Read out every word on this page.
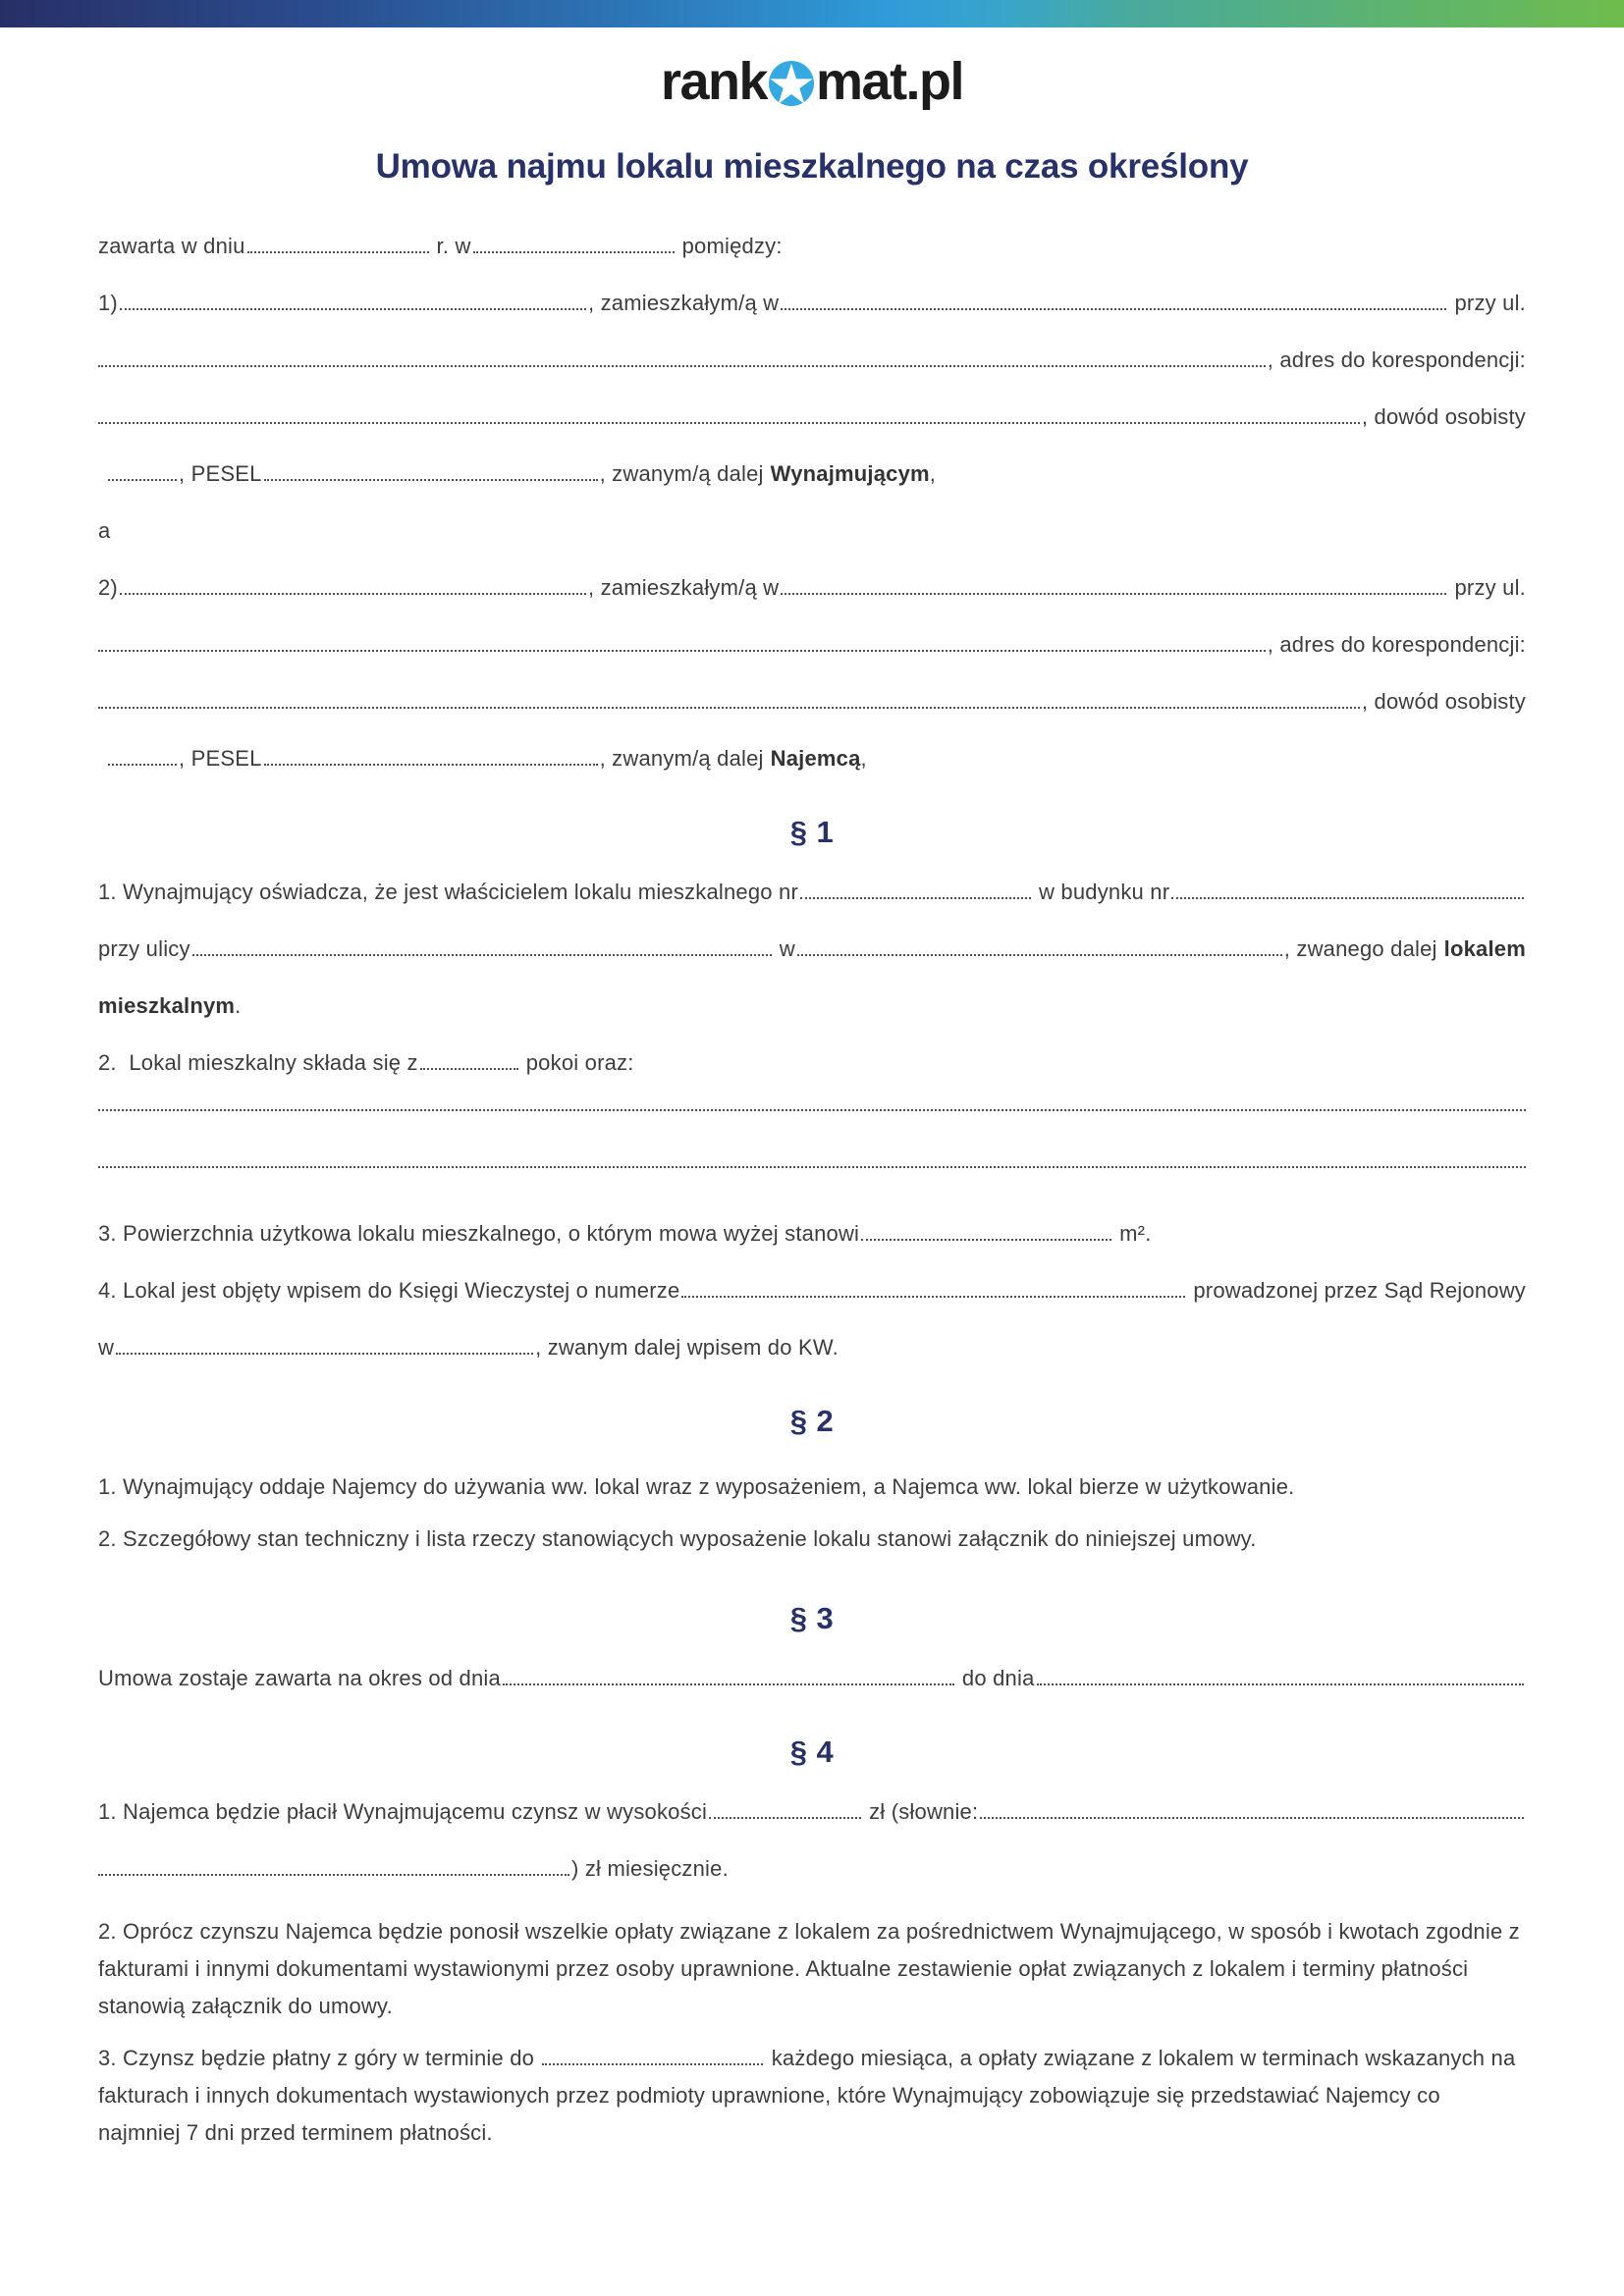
rank mat.pl
Umowa najmu lokalu mieszkalnego na czas określony
zawarta w dniu	r. w	pomiędzy:
1)	, zamieszkałym/ą w	przy ul.
, adres do korespondencji:
, dowód osobisty
, PESEL	, zwanym/ą dalej Wynajmującym ,
a
2)	, zamieszkałym/ą w	przy ul.
, adres do korespondencji:
, dowód osobisty
, PESEL	, zwanym/ą dalej Najemcą ,
§ 1
1. Wynajmujący oświadcza, że jest właścicielem lokalu mieszkalnego nr	w budynku nr
przy ulicy	w	, zwanego dalej lokalem
mieszkalnym .
2.  Lokal mieszkalny składa się z	pokoi oraz:
3. Powierzchnia użytkowa lokalu mieszkalnego, o którym mowa wyżej stanowi	m².
4. Lokal jest objęty wpisem do Księgi Wieczystej o numerze	prowadzonej przez Sąd Rejonowy
w	, zwanym dalej wpisem do KW.
§ 2

1. Wynajmujący oddaje Najemcy do używania ww. lokal wraz z wyposażeniem, a Najemca ww. lokal bierze w użytkowanie.

2. Szczegółowy stan techniczny i lista rzeczy stanowiących wyposażenie lokalu stanowi załącznik do niniejszej umowy.

§ 3
Umowa zostaje zawarta na okres od dnia	do dnia
§ 4
1. Najemca będzie płacił Wynajmującemu czynsz w wysokości	zł (słownie:
) zł miesięcznie.

2. Oprócz czynszu Najemca będzie ponosił wszelkie opłaty związane z lokalem za pośrednictwem Wynajmującego, w sposób i kwotach zgodnie z fakturami i innymi dokumentami wystawionymi przez osoby uprawnione. Aktualne zestawienie opłat związanych z lokalem i terminy płatności stanowią załącznik do umowy.

3. Czynsz będzie płatny z góry w terminie do	każdego miesiąca, a opłaty związane z lokalem w terminach wskazanych na fakturach i innych dokumentach wystawionych przez podmioty uprawnione, które Wynajmujący zobowiązuje się przedstawiać Najemcy co najmniej 7 dni przed terminem płatności.
